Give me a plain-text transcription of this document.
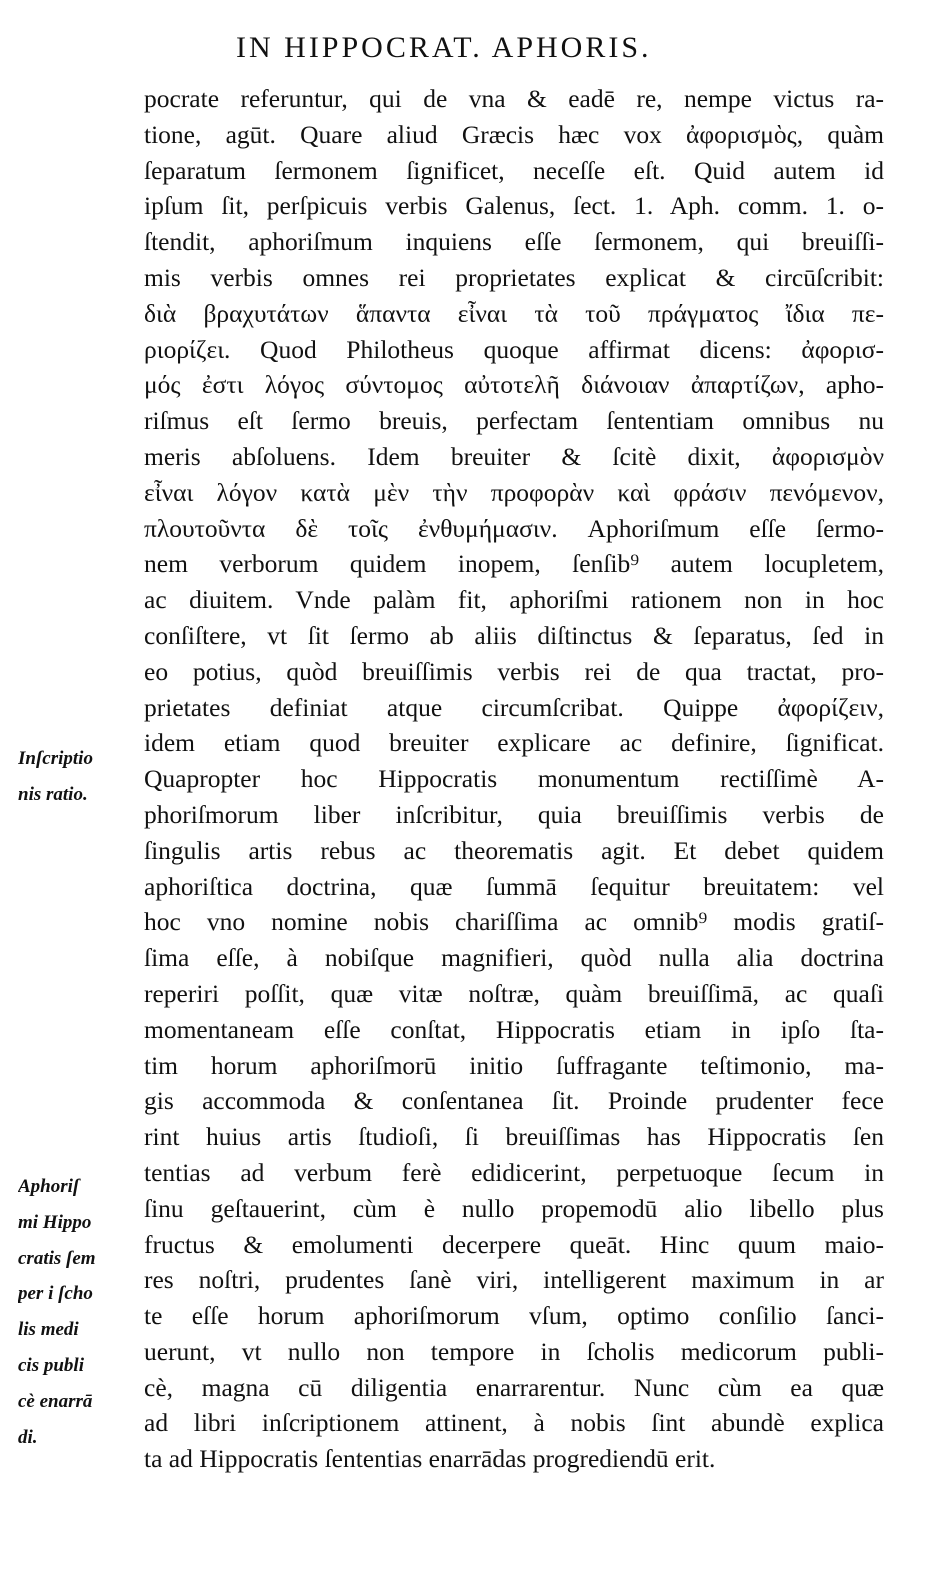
IN HIPPOCRAT. APHORIS.
pocrate referuntur, qui de vna & eadē re, nempe victus ra-
tione, agūt. Quare aliud Græcis hæc vox ἀφορισμὸς, quàm
ſeparatum ſermonem ſignificet, neceſſe eſt. Quid autem id
ipſum ſit, perſpicuis verbis Galenus, ſect. 1. Aph. comm. 1. o-
ſtendit, aphoriſmum inquiens eſſe ſermonem, qui breuiſſi-
mis verbis omnes rei proprietates explicat & circūſcribit:
διὰ βραχυτάτων ἅπαντα εἶναι τὰ τοῦ πράγματος ἴδια πε-
ριορίζει. Quod Philotheus quoque affirmat dicens: ἀφορισ-
μός ἐστι λόγος σύντομος αὐτοτελῆ διάνοιαν ἀπαρτίζων, apho-
riſmus eſt ſermo breuis, perfectam ſententiam omnibus nu
meris abſoluens. Idem breuiter & ſcitè dixit, ἀφορισμὸν
εἶναι λόγον κατὰ μὲν τὴν προφορὰν καὶ φράσιν πενόμενον,
πλουτοῦντα δὲ τοῖς ἐνθυμήμασιν. Aphoriſmum eſſe ſermo-
nem verborum quidem inopem, ſenſib⁹ autem locupletem,
ac diuitem. Vnde palàm fit, aphoriſmi rationem non in hoc
conſiſtere, vt ſit ſermo ab aliis diſtinctus & ſeparatus, ſed in
eo potius, quòd breuiſſimis verbis rei de qua tractat, pro-
prietates definiat atque circumſcribat. Quippe ἀφορίζειν,
idem etiam quod breuiter explicare ac definire, ſignificat.
Quapropter hoc Hippocratis monumentum rectiſſimè A-
phoriſmorum liber inſcribitur, quia breuiſſimis verbis de
ſingulis artis rebus ac theorematis agit. Et debet quidem
aphoriſtica doctrina, quæ ſummā ſequitur breuitatem: vel
hoc vno nomine nobis chariſſima ac omnib⁹ modis gratiſ-
ſima eſſe, à nobiſque magnifieri, quòd nulla alia doctrina
reperiri poſſit, quæ vitæ noſtræ, quàm breuiſſimā, ac quaſi
momentaneam eſſe conſtat, Hippocratis etiam in ipſo ſta-
tim horum aphoriſmorū initio ſuffragante teſtimonio, ma-
gis accommoda & conſentanea ſit. Proinde prudenter fece
rint huius artis ſtudioſi, ſi breuiſſimas has Hippocratis ſen
tentias ad verbum ferè edidicerint, perpetuoque ſecum in
ſinu geſtauerint, cùm è nullo propemodū alio libello plus
fructus & emolumenti decerpere queāt. Hinc quum maio-
res noſtri, prudentes ſanè viri, intelligerent maximum in ar
te eſſe horum aphoriſmorum vſum, optimo conſilio ſanci-
uerunt, vt nullo non tempore in ſcholis medicorum publi-
cè, magna cū diligentia enarrarentur. Nunc cùm ea quæ
ad libri inſcriptionem attinent, à nobis ſint abundè explica
ta ad Hippocratis ſententias enarrādas progrediendū erit.
Inſcriptio
nis ratio.
Aphoriſ
mi Hippo
cratis ſem
per i ſcho
lis medi
cis publi
cè enarrā
di.
